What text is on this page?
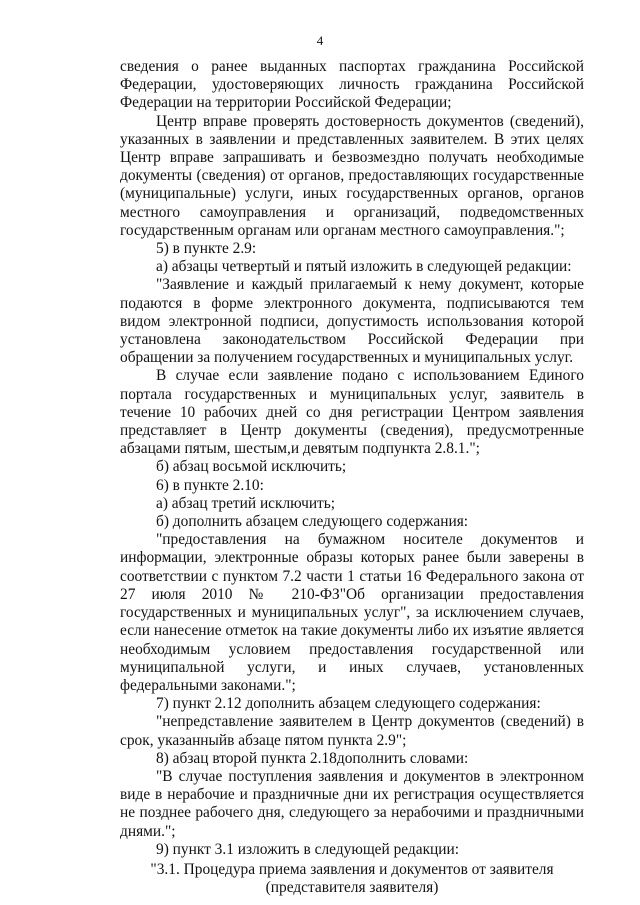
4

сведения о ранее выданных паспортах гражданина Российской Федерации, удостоверяющих личность гражданина Российской Федерации на территории Российской Федерации;

Центр вправе проверять достоверность документов (сведений), указанных в заявлении и представленных заявителем. В этих целях Центр вправе запрашивать и безвозмездно получать необходимые документы (сведения) от органов, предоставляющих государственные (муниципальные) услуги, иных государственных органов, органов местного самоуправления и организаций, подведомственных государственным органам или органам местного самоуправления.";

5) в пункте 2.9:

а) абзацы четвертый и пятый изложить в следующей редакции:

"Заявление и каждый прилагаемый к нему документ, которые подаются в форме электронного документа, подписываются тем видом электронной подписи, допустимость использования которой установлена законодательством Российской Федерации при обращении за получением государственных и муниципальных услуг.

В случае если заявление подано с использованием Единого портала государственных и муниципальных услуг, заявитель в течение 10 рабочих дней со дня регистрации Центром заявления представляет в Центр документы (сведения), предусмотренные абзацами пятым, шестым,и девятым подпункта 2.8.1.";

б) абзац восьмой исключить;

6) в пункте 2.10:

а) абзац третий исключить;

б) дополнить абзацем следующего содержания:

"предоставления на бумажном носителе документов и информации, электронные образы которых ранее были заверены в соответствии с пунктом 7.2 части 1 статьи 16 Федерального закона от 27 июля 2010 № 210-ФЗ"Об организации предоставления государственных и муниципальных услуг", за исключением случаев, если нанесение отметок на такие документы либо их изъятие является необходимым условием предоставления государственной или муниципальной услуги, и иных случаев, установленных федеральными законами.";

7) пункт 2.12 дополнить абзацем следующего содержания:

"непредставление заявителем в Центр документов (сведений) в срок, указанныйв абзаце пятом пункта 2.9";

8) абзац второй пункта 2.18дополнить словами:

"В случае поступления заявления и документов в электронном виде в нерабочие и праздничные дни их регистрация осуществляется не позднее рабочего дня, следующего за нерабочими и праздничными днями.";

9) пункт 3.1 изложить в следующей редакции:

"3.1. Процедура приема заявления и документов от заявителя (представителя заявителя)
